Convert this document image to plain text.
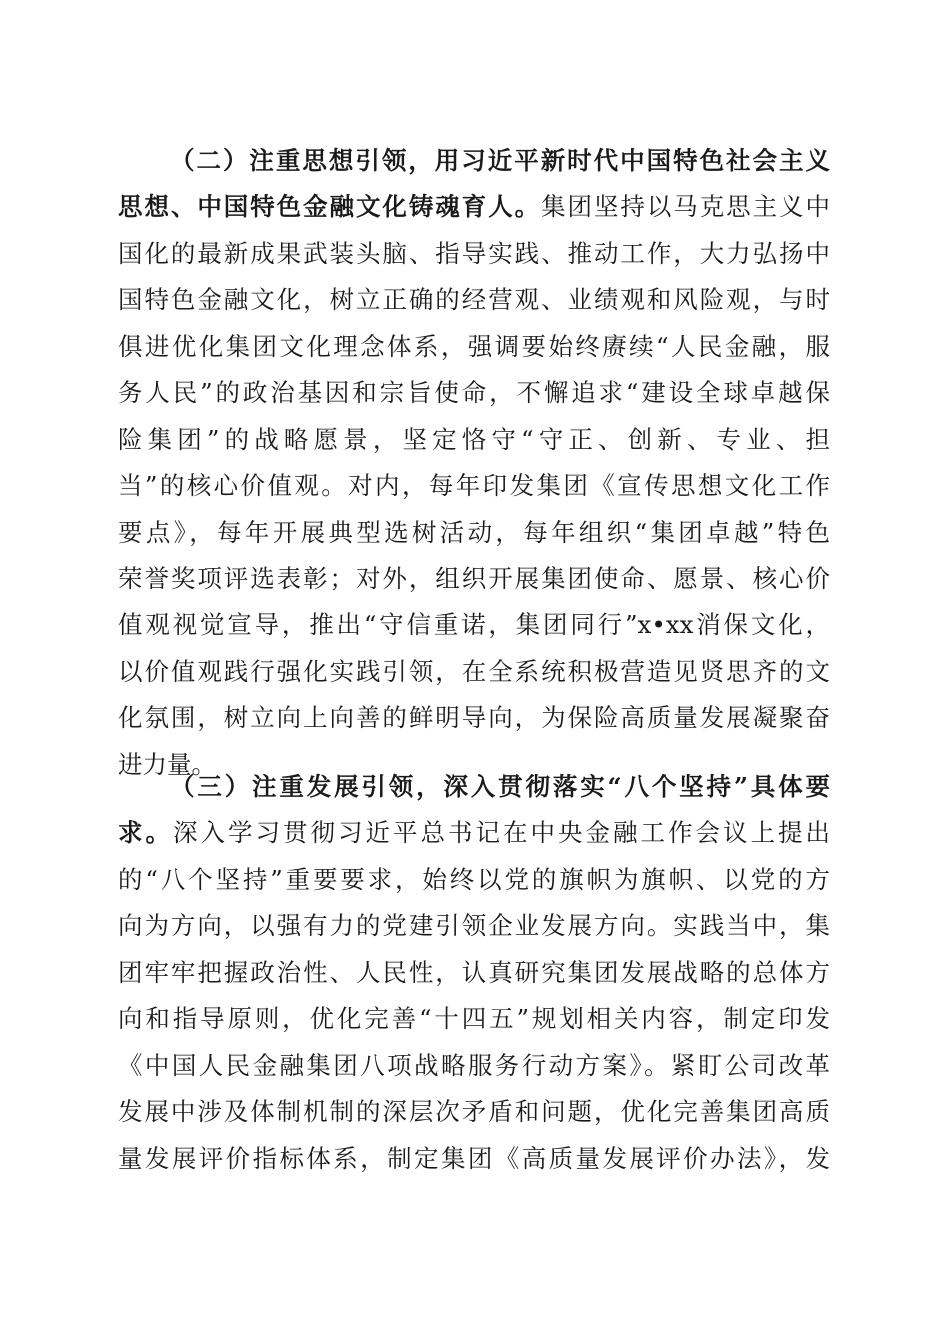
（二）注重思想引领，用习近平新时代中国特色社会主义
思想、中国特色金融文化铸魂育人。集团坚持以马克思主义中
国化的最新成果武装头脑、指导实践、推动工作，大力弘扬中
国特色金融文化，树立正确的经营观、业绩观和风险观，与时
俱进优化集团文化理念体系，强调要始终赓续“人民金融，服
务人民”的政治基因和宗旨使命，不懈追求“建设全球卓越保
险集团”的战略愿景，坚定恪守“守正、创新、专业、担
当”的核心价值观。对内，每年印发集团《宣传思想文化工作
要点》，每年开展典型选树活动，每年组织“集团卓越”特色
荣誉奖项评选表彰；对外，组织开展集团使命、愿景、核心价
值观视觉宣导，推出“守信重诺，集团同行”x•xx消保文化，
以价值观践行强化实践引领，在全系统积极营造见贤思齐的文
化氛围，树立向上向善的鲜明导向，为保险高质量发展凝聚奋
进力量。
（三）注重发展引领，深入贯彻落实“八个坚持”具体要
求。深入学习贯彻习近平总书记在中央金融工作会议上提出
的“八个坚持”重要要求，始终以党的旗帜为旗帜、以党的方
向为方向，以强有力的党建引领企业发展方向。实践当中，集
团牢牢把握政治性、人民性，认真研究集团发展战略的总体方
向和指导原则，优化完善“十四五”规划相关内容，制定印发
《中国人民金融集团八项战略服务行动方案》。紧盯公司改革
发展中涉及体制机制的深层次矛盾和问题，优化完善集团高质
量发展评价指标体系，制定集团《高质量发展评价办法》，发
